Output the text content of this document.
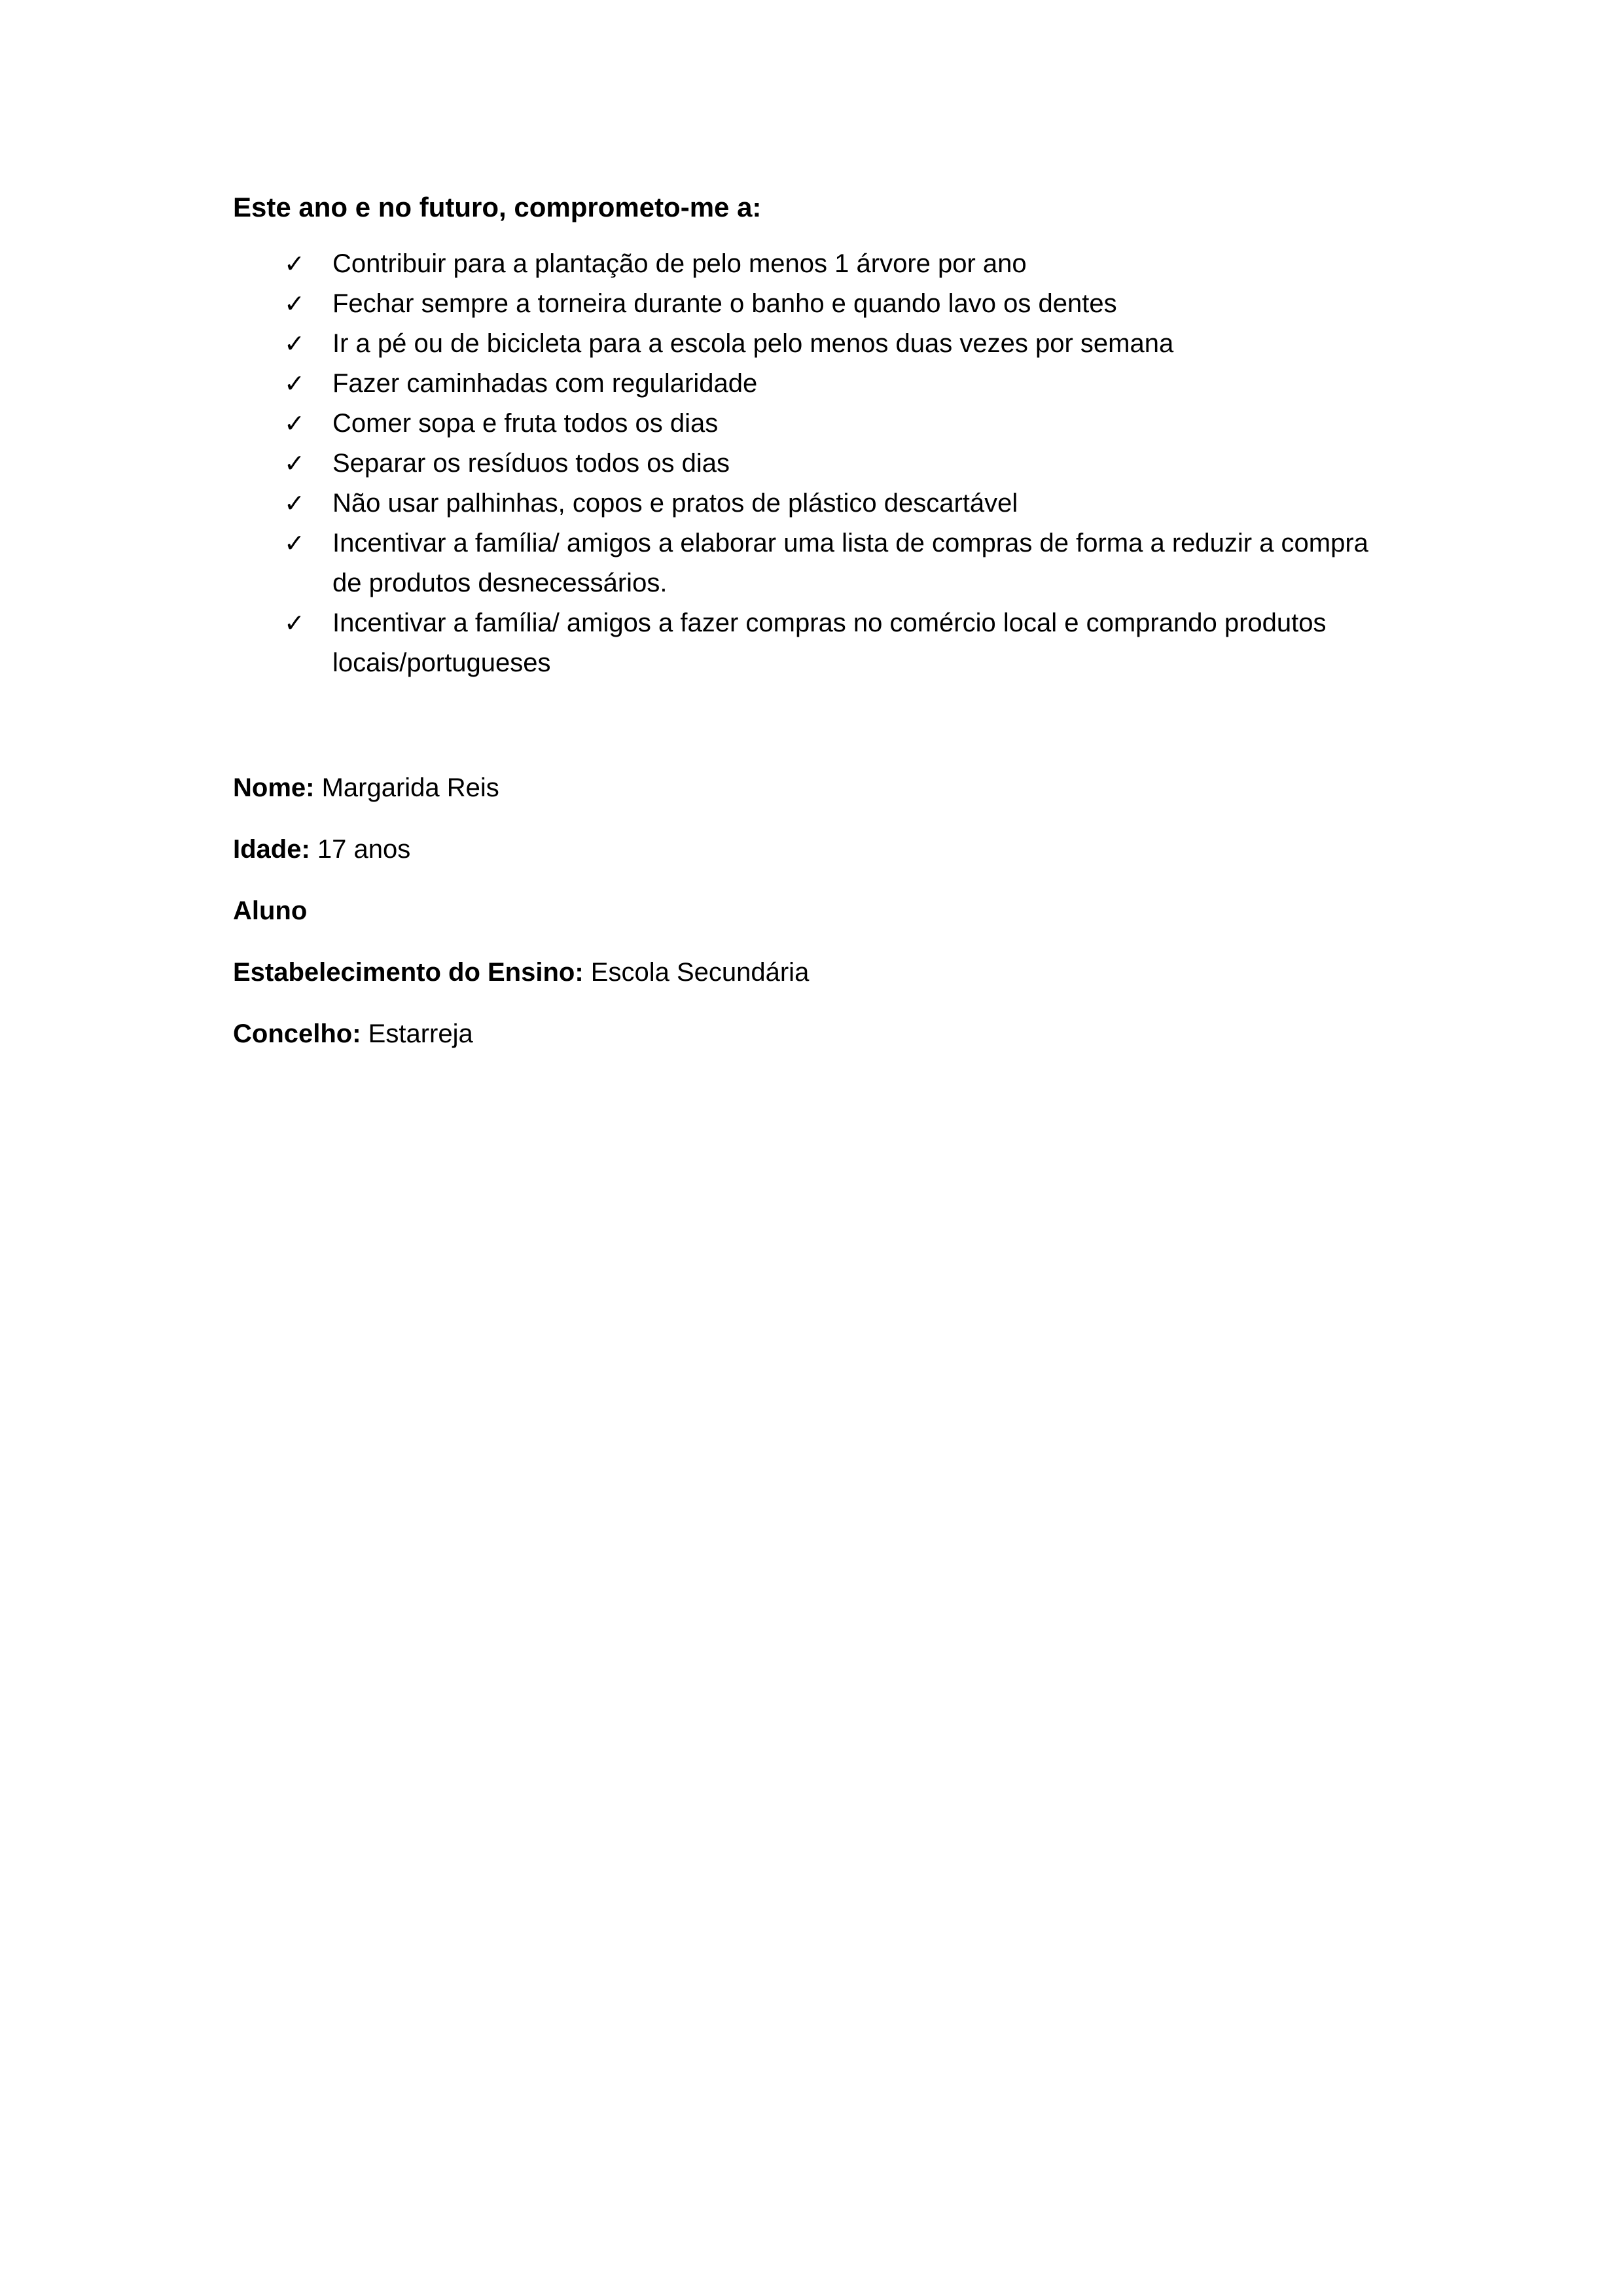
Este ano e no futuro, comprometo-me a:
✓ Contribuir para a plantação de pelo menos 1 árvore por ano
✓ Fechar sempre a torneira durante o banho e quando lavo os dentes
✓ Ir a pé ou de bicicleta para a escola pelo menos duas vezes por semana
✓ Fazer caminhadas com regularidade
✓ Comer sopa e fruta todos os dias
✓ Separar os resíduos todos os dias
✓ Não usar palhinhas, copos e pratos de plástico descartável
✓ Incentivar a família/ amigos a elaborar uma lista de compras de forma a reduzir a compra de produtos desnecessários.
✓ Incentivar a família/ amigos a fazer compras no comércio local e comprando produtos locais/portugueses
Nome: Margarida Reis
Idade: 17 anos
Aluno
Estabelecimento do Ensino: Escola Secundária
Concelho: Estarreja
